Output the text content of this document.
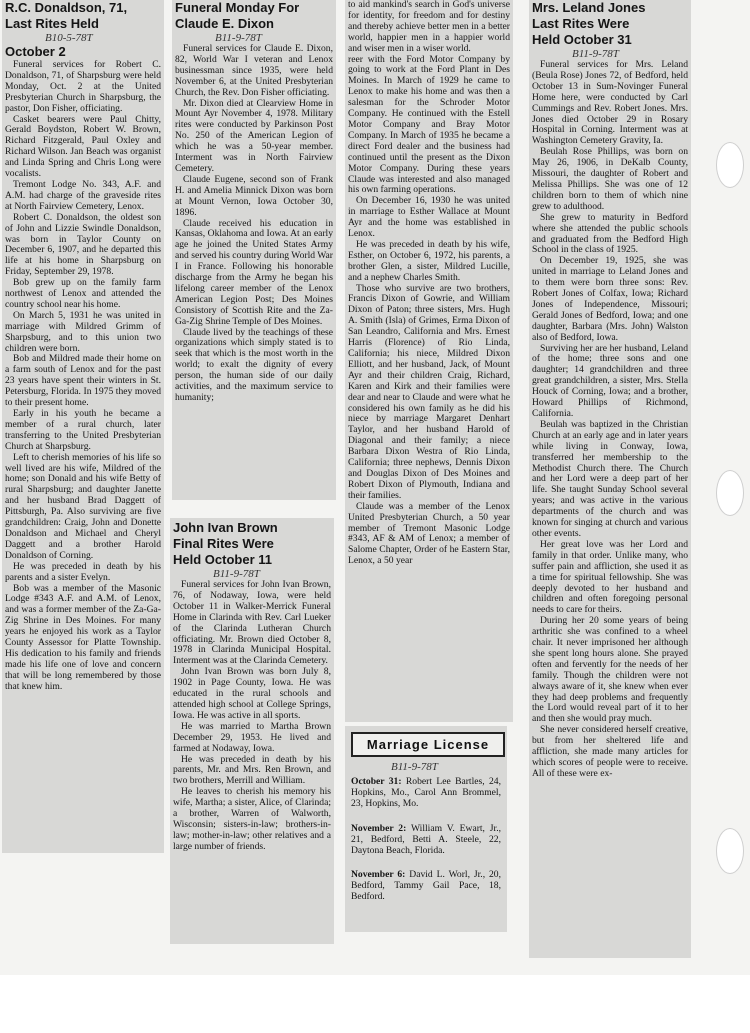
R.C. Donaldson, 71,
Last Rites Held
B10-5-78T
October 2

Funeral services for Robert C. Donaldson, 71, of Sharpsburg were held Monday, Oct. 2 at the United Presbyterian Church in Sharpsburg, the pastor, Don Fisher, officiating.

Casket bearers were Paul Chitty, Gerald Boydston, Robert W. Brown, Richard Fitzgerald, Paul Oxley and Richard Wilson. Jan Beach was organist and Linda Spring and Chris Long were vocalists.

Tremont Lodge No. 343, A.F. and A.M. had charge of the graveside rites at North Fairview Cemetery, Lenox.

Robert C. Donaldson, the oldest son of John and Lizzie Swindle Donaldson, was born in Taylor County on December 6, 1907, and he departed this life at his home in Sharpsburg on Friday, September 29, 1978.

Bob grew up on the family farm northwest of Lenox and attended the country school near his home.

On March 5, 1931 he was united in marriage with Mildred Grimm of Sharpsburg, and to this union two children were born.

Bob and Mildred made their home on a farm south of Lenox and for the past 23 years have spent their winters in St. Petersburg, Florida. In 1975 they moved to their present home.

Early in his youth he became a member of a rural church, later transferring to the United Presbyterian Church at Sharpsburg.

Left to cherish memories of his life so well lived are his wife, Mildred of the home; son Donald and his wife Betty of rural Sharpsburg; and daughter Janette and her husband Brad Daggett of Pittsburgh, Pa. Also surviving are five grandchildren: Craig, John and Donette Donaldson and Michael and Cheryl Daggett and a brother Harold Donaldson of Corning.

He was preceded in death by his parents and a sister Evelyn.

Bob was a member of the Masonic Lodge #343 A.F. and A.M. of Lenox, and was a former member of the Za-Ga-Zig Shrine in Des Moines. For many years he enjoyed his work as a Taylor County Assessor for Platte Township. His dedication to his family and friends made his life one of love and concern that will be long remembered by those that knew him.

Funeral Monday For
Claude E. Dixon
B11-9-78T

Funeral services for Claude E. Dixon, 82, World War I veteran and Lenox businessman since 1935, were held November 6, at the United Presbyterian Church, the Rev. Don Fisher officiating.

Mr. Dixon died at Clearview Home in Mount Ayr November 4, 1978. Military rites were conducted by Parkinson Post No. 250 of the American Legion of which he was a 50-year member. Interment was in North Fairview Cemetery.

Claude Eugene, second son of Frank H. and Amelia Minnick Dixon was born at Mount Vernon, Iowa October 30, 1896.

Claude received his education in Kansas, Oklahoma and Iowa. At an early age he joined the United States Army and served his country during World War I in France. Following his honorable discharge from the Army he began his lifelong career member of the Lenox American Legion Post; Des Moines Consistory of Scottish Rite and the Za-Ga-Zig Shrine Temple of Des Moines.

Claude lived by the teachings of these organizations which simply stated is to seek that which is the most worth in the world; to exalt the dignity of every person, the human side of our daily activities, and the maximum service to humanity;

John Ivan Brown
Final Rites Were
Held October 11
B11-9-78T

Funeral services for John Ivan Brown, 76, of Nodaway, Iowa, were held October 11 in Walker-Merrick Funeral Home in Clarinda with Rev. Carl Lueker of the Clarinda Lutheran Church officiating. Mr. Brown died October 8, 1978 in Clarinda Municipal Hospital. Interment was at the Clarinda Cemetery.

John Ivan Brown was born July 8, 1902 in Page County, Iowa. He was educated in the rural schools and attended high school at College Springs, Iowa. He was active in all sports.

He was married to Martha Brown December 29, 1953. He lived and farmed at Nodaway, Iowa.

He was preceded in death by his parents, Mr. and Mrs. Ren Brown, and two brothers, Merrill and William.

He leaves to cherish his memory his wife, Martha; a sister, Alice, of Clarinda; a brother, Warren of Walworth, Wisconsin; sisters-in-law; brothers-in-law; mother-in-law; other relatives and a large number of friends.

to aid mankind's search in God's universe for identity, for freedom and for destiny and thereby achieve better men in a better world, happier men in a happier world and wiser men in a wiser world.

reer with the Ford Motor Company by going to work at the Ford Plant in Des Moines. In March of 1929 he came to Lenox to make his home and was then a salesman for the Schroder Motor Company. He continued with the Estell Motor Company and Bray Motor Company. In March of 1935 he became a direct Ford dealer and the business had continued until the present as the Dixon Motor Company. During these years Claude was interested and also managed his own farming operations.

On December 16, 1930 he was united in marriage to Esther Wallace at Mount Ayr and the home was established in Lenox.

He was preceded in death by his wife, Esther, on October 6, 1972, his parents, a brother Glen, a sister, Mildred Lucille, and a nephew Charles Smith.

Those who survive are two brothers, Francis Dixon of Gowrie, and William Dixon of Paton; three sisters, Mrs. Hugh A. Smith (Isla) of Grimes, Erma Dixon of San Leandro, California and Mrs. Ernest Harris (Florence) of Rio Linda, California; his niece, Mildred Dixon Elliott, and her husband, Jack, of Mount Ayr and their children Craig, Richard, Karen and Kirk and their families were dear and near to Claude and were what he considered his own family as he did his niece by marriage Margaret Denhart Taylor, and her husband Harold of Diagonal and their family; a niece Barbara Dixon Westra of Rio Linda, California; three nephews, Dennis Dixon and Douglas Dixon of Des Moines and Robert Dixon of Plymouth, Indiana and their families.

Claude was a member of the Lenox United Presbyterian Church, a 50 year member of Tremont Masonic Lodge #343, AF & AM of Lenox; a member of Salome Chapter, Order of he Eastern Star, Lenox, a 50 year

Marriage License
B11-9-78T
October 31: Robert Lee Bartles, 24, Hopkins, Mo., Carol Ann Brommel, 23, Hopkins, Mo.
November 2: William V. Ewart, Jr., 21, Bedford, Betti A. Steele, 22, Daytona Beach, Florida.
November 6: David L. Worl, Jr., 20, Bedford, Tammy Gail Pace, 18, Bedford.
Mrs. Leland Jones
Last Rites Were
Held October 31
B11-9-78T

Funeral services for Mrs. Leland (Beula Rose) Jones 72, of Bedford, held October 13 in Sum-Novinger Funeral Home here, were conducted by Carl Cummings and Rev. Robert Jones. Mrs. Jones died October 29 in Rosary Hospital in Corning. Interment was at Washington Cemetery Gravity, Ia.

Beulah Rose Phillips, was born on May 26, 1906, in DeKalb County, Missouri, the daughter of Robert and Melissa Phillips. She was one of 12 children born to them of which nine grew to adulthood.

She grew to maturity in Bedford where she attended the public schools and graduated from the Bedford High School in the class of 1925.

On December 19, 1925, she was united in marriage to Leland Jones and to them were born three sons: Rev. Robert Jones of Colfax, Iowa; Richard Jones of Independence, Missouri; Gerald Jones of Bedford, Iowa; and one daughter, Barbara (Mrs. John) Walston also of Bedford, Iowa.

Surviving her are her husband, Leland of the home; three sons and one daughter; 14 grandchildren and three great grandchildren, a sister, Mrs. Stella Houck of Corning, Iowa; and a brother, Howard Phillips of Richmond, California.

Beulah was baptized in the Christian Church at an early age and in later years while living in Conway, Iowa, transferred her membership to the Methodist Church there. The Church and her Lord were a deep part of her life. She taught Sunday School several years; and was active in the various departments of the church and was known for singing at church and various other events.

Her great love was her Lord and family in that order. Unlike many, who suffer pain and affliction, she used it as a time for spiritual fellowship. She was deeply devoted to her husband and children and often foregoing personal needs to care for theirs.

During her 20 some years of being arthritic she was confined to a wheel chair. It never imprisoned her although she spent long hours alone. She prayed often and fervently for the needs of her family. Though the children were not always aware of it, she knew when ever they had deep problems and frequently the Lord would reveal part of it to her and then she would pray much.

She never considered herself creative, but from her sheltered life and affliction, she made many articles for which scores of people were to receive. All of these were ex-
